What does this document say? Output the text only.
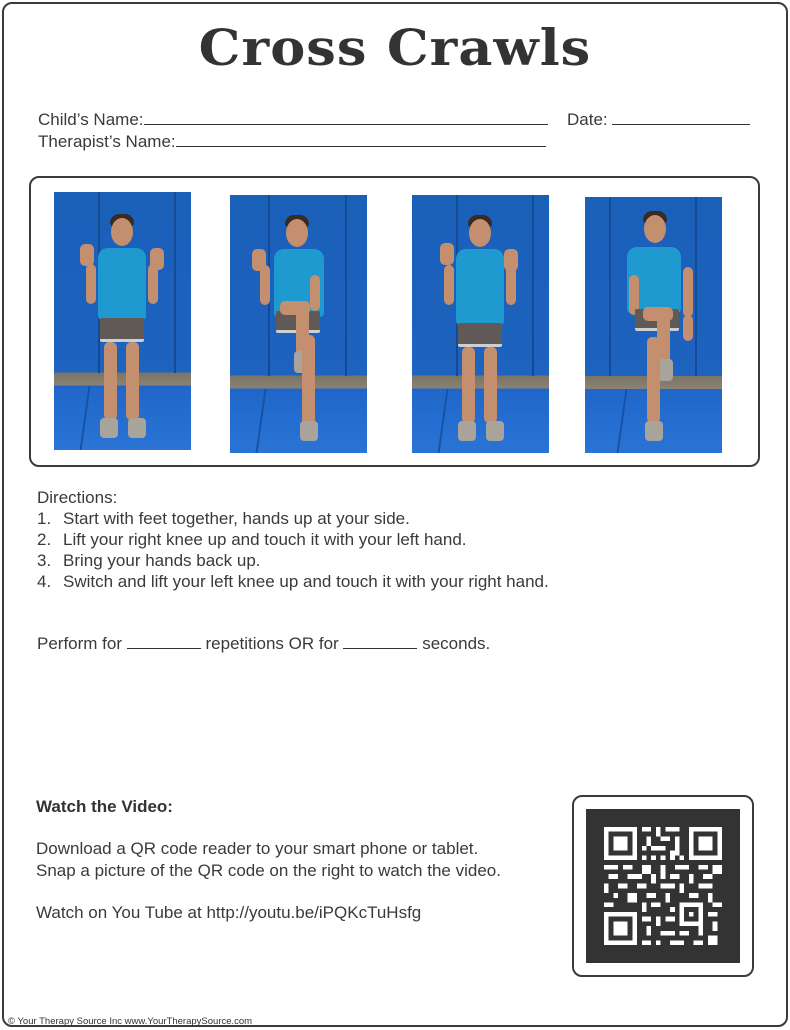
Cross Crawls
Child’s Name:	Date:
Therapist’s Name:
Directions:
1. Start with feet together, hands up at your side.
2. Lift your right knee up and touch it with your left hand.
3. Bring your hands back up.
4. Switch and lift your left knee up and touch it with your right hand.
Perform for	repetitions OR for	seconds.
Watch the Video:
Download a QR code reader to your smart phone or tablet.
Snap a picture of the QR code on the right to watch the video.
Watch on You Tube at http://youtu.be/iPQKcTuHsfg
© Your Therapy Source Inc www.YourTherapySource.com
